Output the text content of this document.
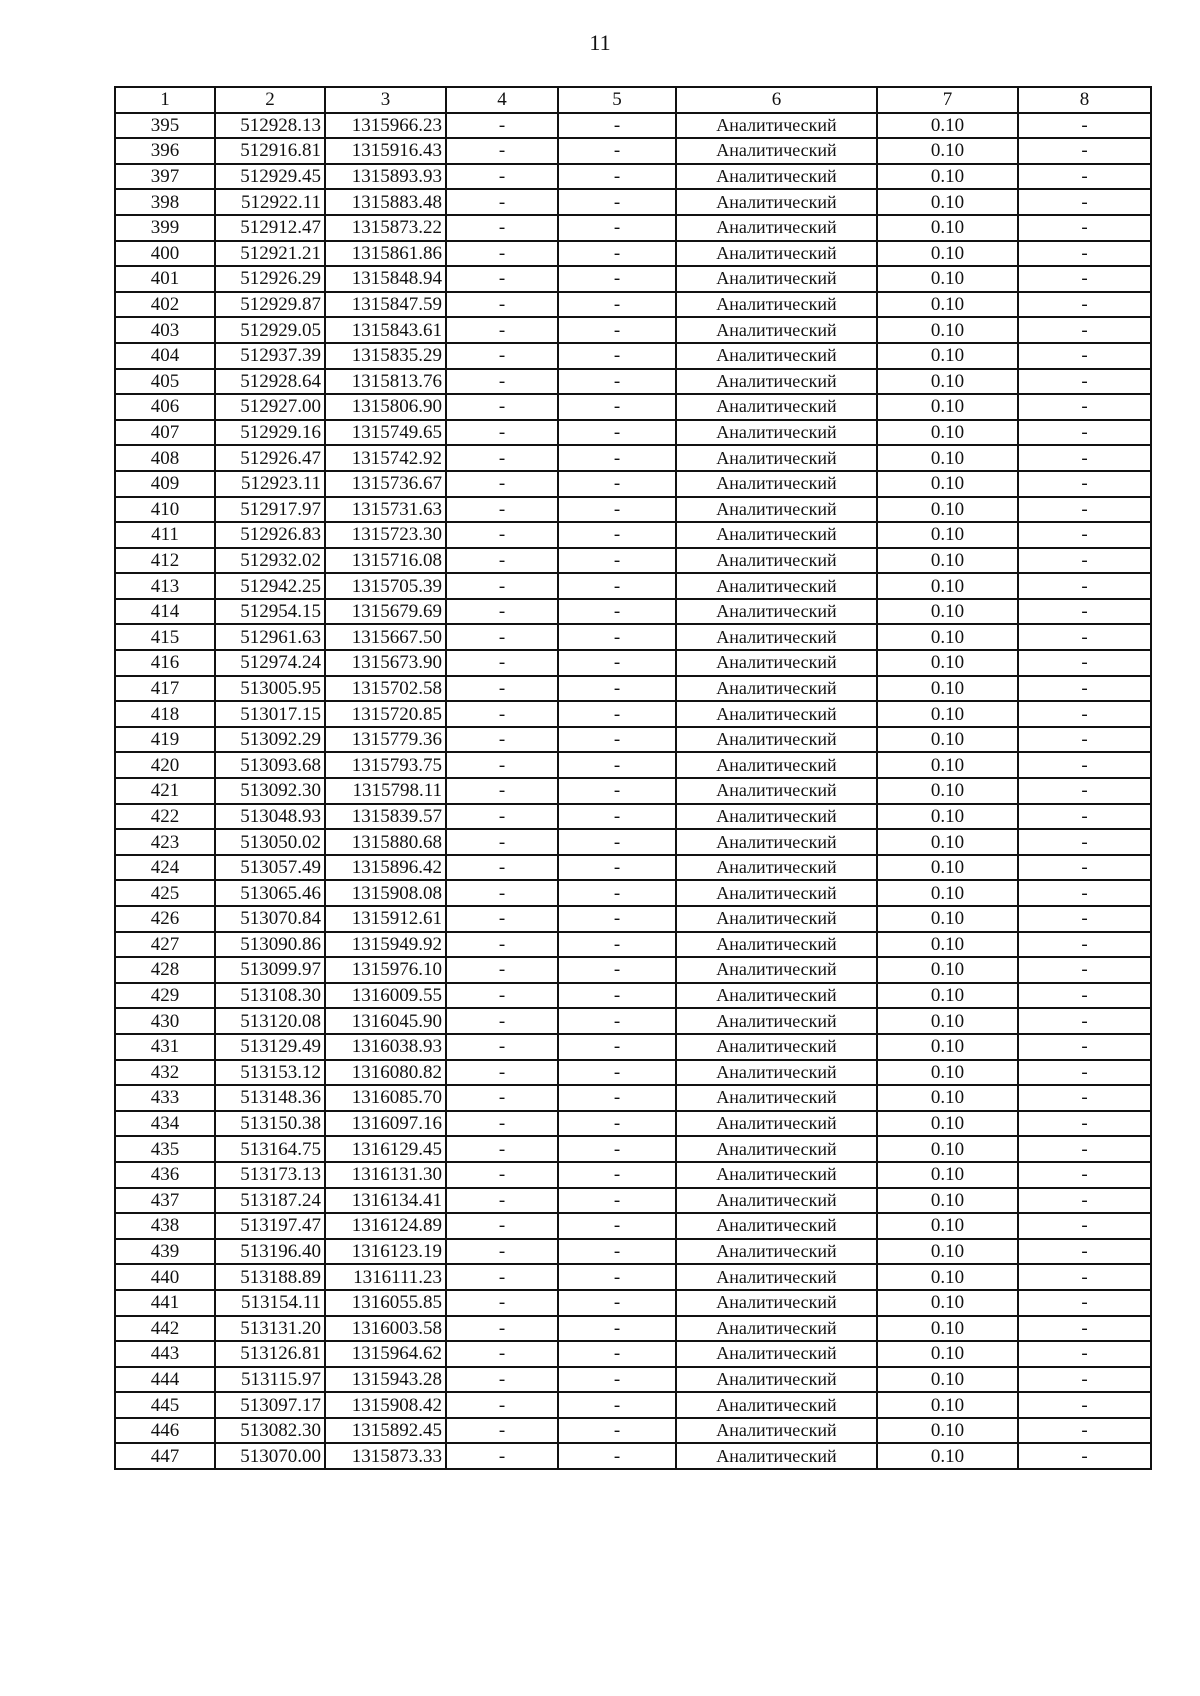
11
1	2	3	4	5	6	7	8
395	512928.13	1315966.23	-	-	Аналитический	0.10	-
396	512916.81	1315916.43	-	-	Аналитический	0.10	-
397	512929.45	1315893.93	-	-	Аналитический	0.10	-
398	512922.11	1315883.48	-	-	Аналитический	0.10	-
399	512912.47	1315873.22	-	-	Аналитический	0.10	-
400	512921.21	1315861.86	-	-	Аналитический	0.10	-
401	512926.29	1315848.94	-	-	Аналитический	0.10	-
402	512929.87	1315847.59	-	-	Аналитический	0.10	-
403	512929.05	1315843.61	-	-	Аналитический	0.10	-
404	512937.39	1315835.29	-	-	Аналитический	0.10	-
405	512928.64	1315813.76	-	-	Аналитический	0.10	-
406	512927.00	1315806.90	-	-	Аналитический	0.10	-
407	512929.16	1315749.65	-	-	Аналитический	0.10	-
408	512926.47	1315742.92	-	-	Аналитический	0.10	-
409	512923.11	1315736.67	-	-	Аналитический	0.10	-
410	512917.97	1315731.63	-	-	Аналитический	0.10	-
411	512926.83	1315723.30	-	-	Аналитический	0.10	-
412	512932.02	1315716.08	-	-	Аналитический	0.10	-
413	512942.25	1315705.39	-	-	Аналитический	0.10	-
414	512954.15	1315679.69	-	-	Аналитический	0.10	-
415	512961.63	1315667.50	-	-	Аналитический	0.10	-
416	512974.24	1315673.90	-	-	Аналитический	0.10	-
417	513005.95	1315702.58	-	-	Аналитический	0.10	-
418	513017.15	1315720.85	-	-	Аналитический	0.10	-
419	513092.29	1315779.36	-	-	Аналитический	0.10	-
420	513093.68	1315793.75	-	-	Аналитический	0.10	-
421	513092.30	1315798.11	-	-	Аналитический	0.10	-
422	513048.93	1315839.57	-	-	Аналитический	0.10	-
423	513050.02	1315880.68	-	-	Аналитический	0.10	-
424	513057.49	1315896.42	-	-	Аналитический	0.10	-
425	513065.46	1315908.08	-	-	Аналитический	0.10	-
426	513070.84	1315912.61	-	-	Аналитический	0.10	-
427	513090.86	1315949.92	-	-	Аналитический	0.10	-
428	513099.97	1315976.10	-	-	Аналитический	0.10	-
429	513108.30	1316009.55	-	-	Аналитический	0.10	-
430	513120.08	1316045.90	-	-	Аналитический	0.10	-
431	513129.49	1316038.93	-	-	Аналитический	0.10	-
432	513153.12	1316080.82	-	-	Аналитический	0.10	-
433	513148.36	1316085.70	-	-	Аналитический	0.10	-
434	513150.38	1316097.16	-	-	Аналитический	0.10	-
435	513164.75	1316129.45	-	-	Аналитический	0.10	-
436	513173.13	1316131.30	-	-	Аналитический	0.10	-
437	513187.24	1316134.41	-	-	Аналитический	0.10	-
438	513197.47	1316124.89	-	-	Аналитический	0.10	-
439	513196.40	1316123.19	-	-	Аналитический	0.10	-
440	513188.89	1316111.23	-	-	Аналитический	0.10	-
441	513154.11	1316055.85	-	-	Аналитический	0.10	-
442	513131.20	1316003.58	-	-	Аналитический	0.10	-
443	513126.81	1315964.62	-	-	Аналитический	0.10	-
444	513115.97	1315943.28	-	-	Аналитический	0.10	-
445	513097.17	1315908.42	-	-	Аналитический	0.10	-
446	513082.30	1315892.45	-	-	Аналитический	0.10	-
447	513070.00	1315873.33	-	-	Аналитический	0.10	-
